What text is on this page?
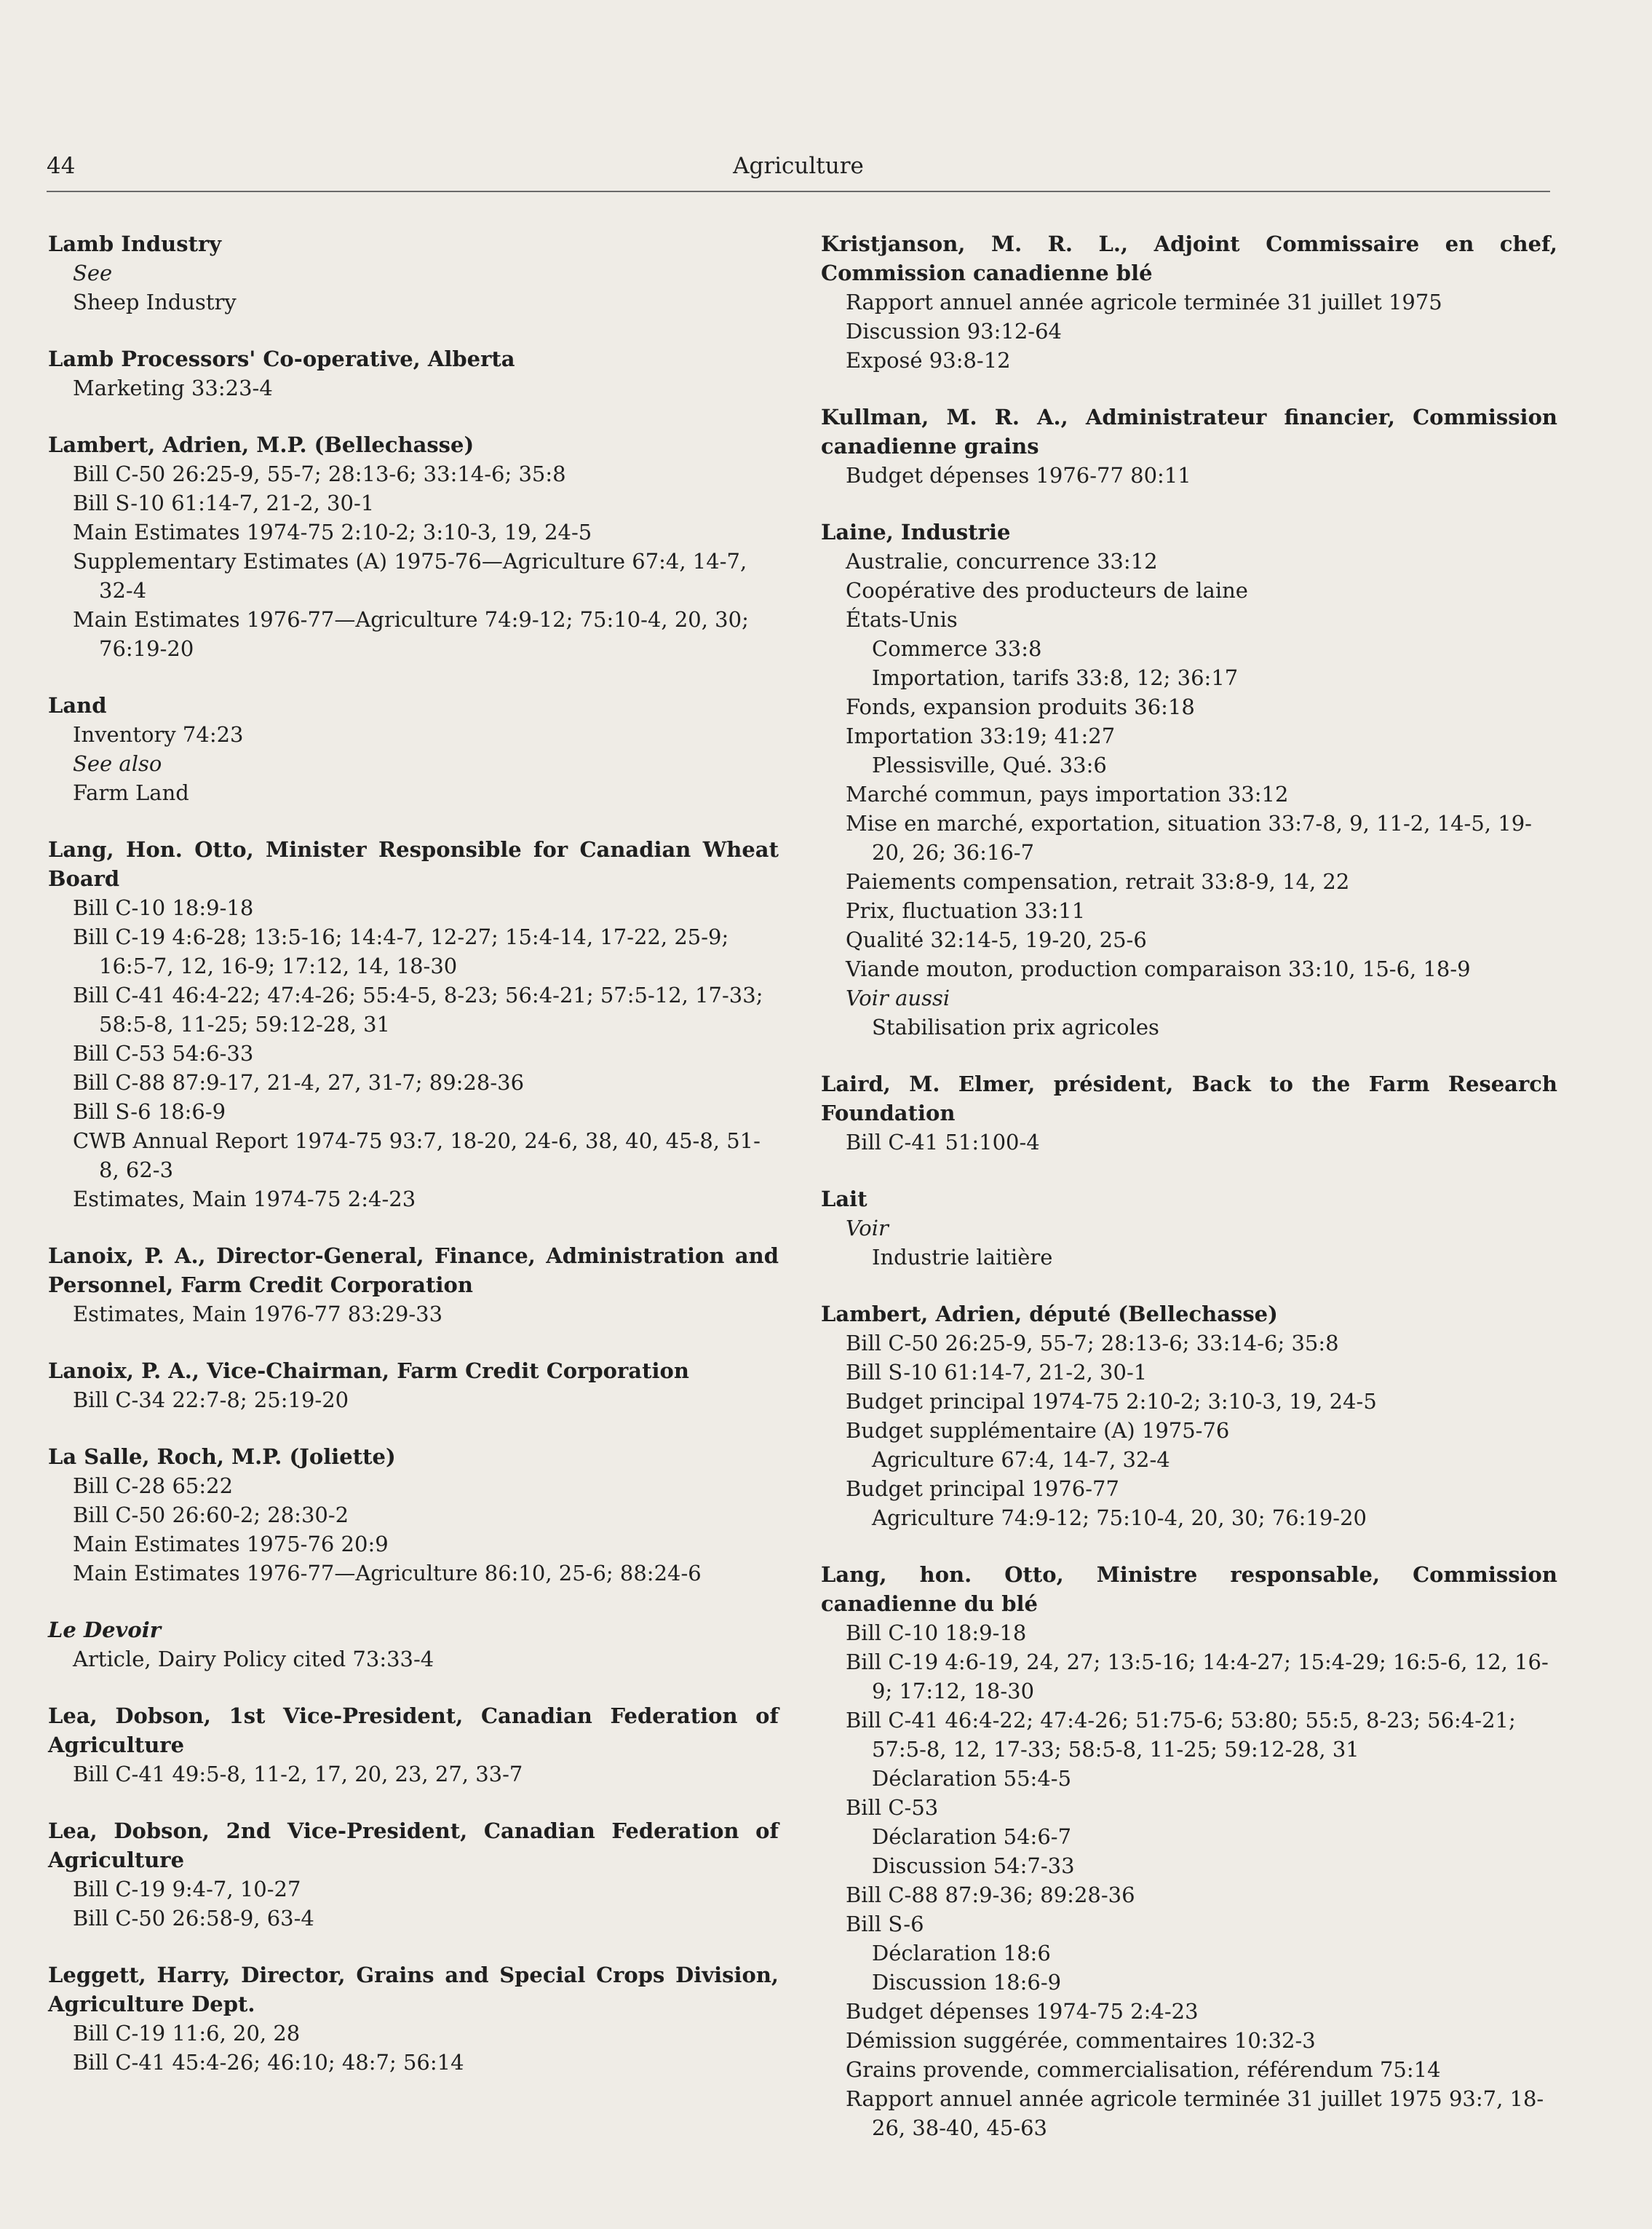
44	Agriculture
Lamb Industry
See
Sheep Industry
Lamb Processors' Co-operative, Alberta
Marketing 33:23-4
Lambert, Adrien, M.P. (Bellechasse)
Bill C-50 26:25-9, 55-7; 28:13-6; 33:14-6; 35:8
Bill S-10 61:14-7, 21-2, 30-1
Main Estimates 1974-75 2:10-2; 3:10-3, 19, 24-5
Supplementary Estimates (A) 1975-76—Agriculture 67:4, 14-7, 32-4
Main Estimates 1976-77—Agriculture 74:9-12; 75:10-4, 20, 30; 76:19-20
Land
Inventory 74:23
See also
Farm Land
Lang, Hon. Otto, Minister Responsible for Canadian Wheat Board
Bill C-10 18:9-18
Bill C-19 4:6-28; 13:5-16; 14:4-7, 12-27; 15:4-14, 17-22, 25-9; 16:5-7, 12, 16-9; 17:12, 14, 18-30
Bill C-41 46:4-22; 47:4-26; 55:4-5, 8-23; 56:4-21; 57:5-12, 17-33; 58:5-8, 11-25; 59:12-28, 31
Bill C-53 54:6-33
Bill C-88 87:9-17, 21-4, 27, 31-7; 89:28-36
Bill S-6 18:6-9
CWB Annual Report 1974-75 93:7, 18-20, 24-6, 38, 40, 45-8, 51-8, 62-3
Estimates, Main 1974-75 2:4-23
Lanoix, P. A., Director-General, Finance, Administration and Personnel, Farm Credit Corporation
Estimates, Main 1976-77 83:29-33
Lanoix, P. A., Vice-Chairman, Farm Credit Corporation
Bill C-34 22:7-8; 25:19-20
La Salle, Roch, M.P. (Joliette)
Bill C-28 65:22
Bill C-50 26:60-2; 28:30-2
Main Estimates 1975-76 20:9
Main Estimates 1976-77—Agriculture 86:10, 25-6; 88:24-6
Le Devoir
Article, Dairy Policy cited 73:33-4
Lea, Dobson, 1st Vice-President, Canadian Federation of Agriculture
Bill C-41 49:5-8, 11-2, 17, 20, 23, 27, 33-7
Lea, Dobson, 2nd Vice-President, Canadian Federation of Agriculture
Bill C-19 9:4-7, 10-27
Bill C-50 26:58-9, 63-4
Leggett, Harry, Director, Grains and Special Crops Division, Agriculture Dept.
Bill C-19 11:6, 20, 28
Bill C-41 45:4-26; 46:10; 48:7; 56:14
Kristjanson, M. R. L., Adjoint Commissaire en chef, Commission canadienne blé
Rapport annuel année agricole terminée 31 juillet 1975
Discussion 93:12-64
Exposé 93:8-12
Kullman, M. R. A., Administrateur financier, Commission canadienne grains
Budget dépenses 1976-77 80:11
Laine, Industrie
Australie, concurrence 33:12
Coopérative des producteurs de laine
États-Unis
Commerce 33:8
Importation, tarifs 33:8, 12; 36:17
Fonds, expansion produits 36:18
Importation 33:19; 41:27
Plessisville, Qué. 33:6
Marché commun, pays importation 33:12
Mise en marché, exportation, situation 33:7-8, 9, 11-2, 14-5, 19-20, 26; 36:16-7
Paiements compensation, retrait 33:8-9, 14, 22
Prix, fluctuation 33:11
Qualité 32:14-5, 19-20, 25-6
Viande mouton, production comparaison 33:10, 15-6, 18-9
Voir aussi
Stabilisation prix agricoles
Laird, M. Elmer, président, Back to the Farm Research Foundation
Bill C-41 51:100-4
Lait
Voir
Industrie laitière
Lambert, Adrien, député (Bellechasse)
Bill C-50 26:25-9, 55-7; 28:13-6; 33:14-6; 35:8
Bill S-10 61:14-7, 21-2, 30-1
Budget principal 1974-75 2:10-2; 3:10-3, 19, 24-5
Budget supplémentaire (A) 1975-76
Agriculture 67:4, 14-7, 32-4
Budget principal 1976-77
Agriculture 74:9-12; 75:10-4, 20, 30; 76:19-20
Lang, hon. Otto, Ministre responsable, Commission canadienne du blé
Bill C-10 18:9-18
Bill C-19 4:6-19, 24, 27; 13:5-16; 14:4-27; 15:4-29; 16:5-6, 12, 16-9; 17:12, 18-30
Bill C-41 46:4-22; 47:4-26; 51:75-6; 53:80; 55:5, 8-23; 56:4-21; 57:5-8, 12, 17-33; 58:5-8, 11-25; 59:12-28, 31
Déclaration 55:4-5
Bill C-53
Déclaration 54:6-7
Discussion 54:7-33
Bill C-88 87:9-36; 89:28-36
Bill S-6
Déclaration 18:6
Discussion 18:6-9
Budget dépenses 1974-75 2:4-23
Démission suggérée, commentaires 10:32-3
Grains provende, commercialisation, référendum 75:14
Rapport annuel année agricole terminée 31 juillet 1975 93:7, 18-26, 38-40, 45-63
